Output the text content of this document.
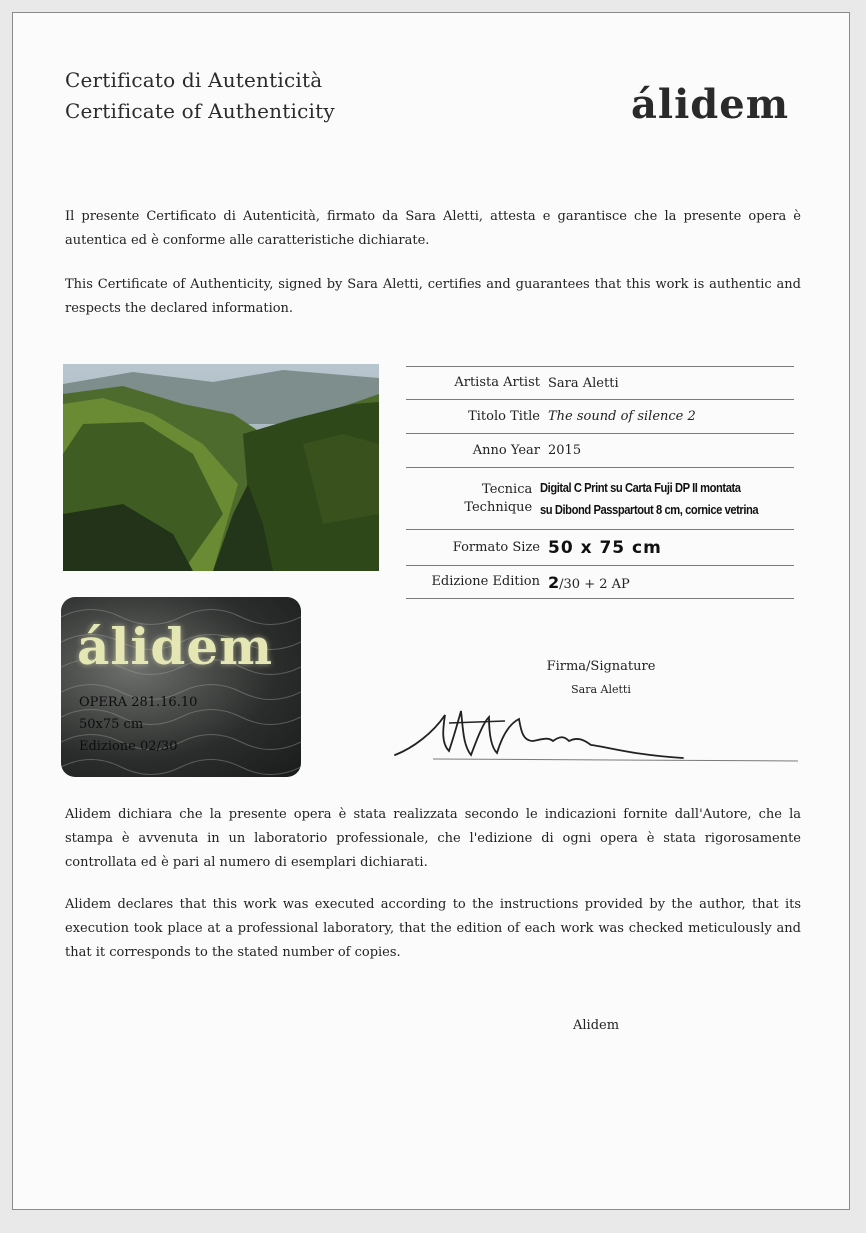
Certificato di Autenticità
Certificate of Authenticity	álidem
Il presente Certificato di Autenticità, firmato da Sara Aletti, attesta e garantisce che la presente opera è autentica ed è conforme alle caratteristiche dichiarate.
This Certificate of Authenticity, signed by Sara Aletti, certifies and guarantees that this work is authentic and respects the declared information.
álidem
OPERA 281.16.10
50x75 cm
Edizione 02/30
Artista Artist Sara Aletti
Titolo Title The sound of silence 2
Anno Year 2015
Tecnica
Technique
Digital C Print su Carta Fuji DP II montata
su Dibond Passpartout 8 cm, cornice vetrina
Formato Size 50 x 75 cm
Edizione Edition 2/30 + 2 AP
Firma/Signature
Sara Aletti
Alidem dichiara che la presente opera è stata realizzata secondo le indicazioni fornite dall'Autore, che la stampa è avvenuta in un laboratorio professionale, che l'edizione di ogni opera è stata rigorosamente controllata ed è pari al numero di esemplari dichiarati.
Alidem declares that this work was executed according to the instructions provided by the author, that its execution took place at a professional laboratory, that the edition of each work was checked meticulously and that it corresponds to the stated number of copies.
Alidem
